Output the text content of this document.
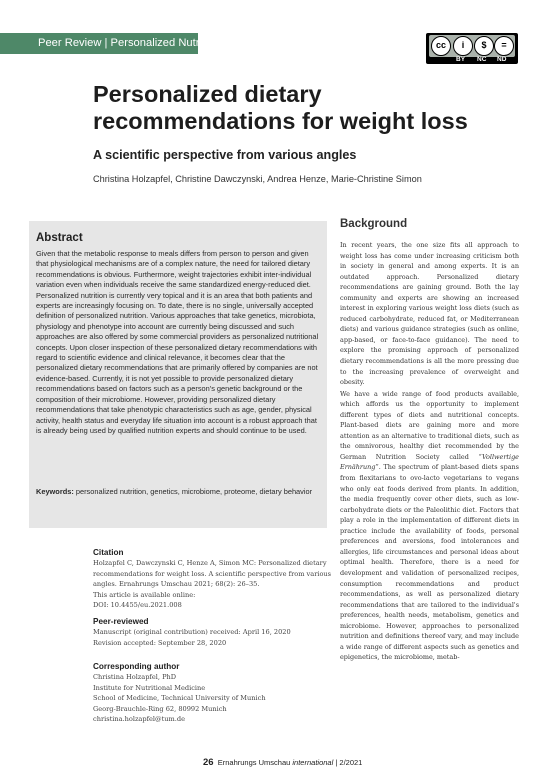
Peer Review | Personalized Nutrition	cc	i	$	=
BY NC ND
Personalized dietary recommendations for weight loss
A scientific perspective from various angles
Christina Holzapfel, Christine Dawczynski, Andrea Henze, Marie-Christine Simon
Abstract
Given that the metabolic response to meals differs from person to person and given that physiological mechanisms are of a complex nature, the need for tailored dietary recommendations is obvious. Furthermore, weight trajectories exhibit inter-individual variation even when individuals receive the same standardized energy-reduced diet. Personalized nutrition is currently very topical and it is an area that both patients and experts are increasingly focusing on. To date, there is no single, universally accepted definition of personalized nutrition. Various approaches that take genetics, microbiota, physiology and phenotype into account are currently being discussed and such approaches are also offered by some commercial providers as personalized nutritional concepts. Upon closer inspection of these personalized dietary recommendations with regard to scientific evidence and clinical relevance, it becomes clear that the personalized dietary recommendations that are primarily offered by companies are not evidence-based. Currently, it is not yet possible to provide personalized dietary recommendations based on factors such as a person's genetic background or the composition of their microbiome. However, providing personalized dietary recommendations that take phenotypic characteristics such as age, gender, physical activity, health status and everyday life situation into account is a robust approach that is already being used by qualified nutrition experts and should continue to be used.
Keywords: personalized nutrition, genetics, microbiome, proteome, dietary behavior
Citation
Holzapfel C, Dawczynski C, Henze A, Simon MC: Personalized dietary recommendations for weight loss. A scientific perspective from various angles. Ernahrungs Umschau 2021; 68(2): 26–35.
This article is available online:
DOI: 10.4455/eu.2021.008
Peer-reviewed
Manuscript (original contribution) received: April 16, 2020
Revision accepted: September 28, 2020
Corresponding author
Christina Holzapfel, PhD
Institute for Nutritional Medicine
School of Medicine, Technical University of Munich
Georg-Brauchle-Ring 62, 80992 Munich
christina.holzapfel@tum.de
Background

In recent years, the one size fits all approach to weight loss has come under increasing criticism both in society in general and among experts. It is an outdated approach. Personalized dietary recommendations are gaining ground. Both the lay community and experts are showing an increased interest in exploring various weight loss diets (such as reduced carbohydrate, reduced fat, or Mediterranean diets) and various guidance strategies (such as online, app-based, or face-to-face guidance). The need to explore the promising approach of personalized dietary recommendations is all the more pressing due to the increasing prevalence of overweight and obesity.

We have a wide range of food products available, which affords us the opportunity to implement different types of diets and nutritional concepts. Plant-based diets are gaining more and more attention as an alternative to traditional diets, such as the omnivorous, healthy diet recommended by the German Nutrition Society called “Vollwertige Ernährung”. The spectrum of plant-based diets spans from flexitarians to ovo-lacto vegetarians to vegans who only eat foods derived from plants. In addition, the media frequently cover other diets, such as low-carbohydrate diets or the Paleolithic diet. Factors that play a role in the implementation of different diets in practice include the availability of foods, personal preferences and aversions, food intolerances and allergies, life circumstances and personal ideas about optimal health. Therefore, there is a need for development and validation of personalized recipes, consumption recommendations and product recommendations, as well as personalized dietary recommendations that are tailored to the individual's preferences, health needs, metabolism, genetics and microbiome. However, approaches to personalized nutrition and definitions thereof vary, and may include a wide range of different aspects such as genetics and epigenetics, the microbiome, metab-

26 Ernahrungs Umschau international | 2/2021
